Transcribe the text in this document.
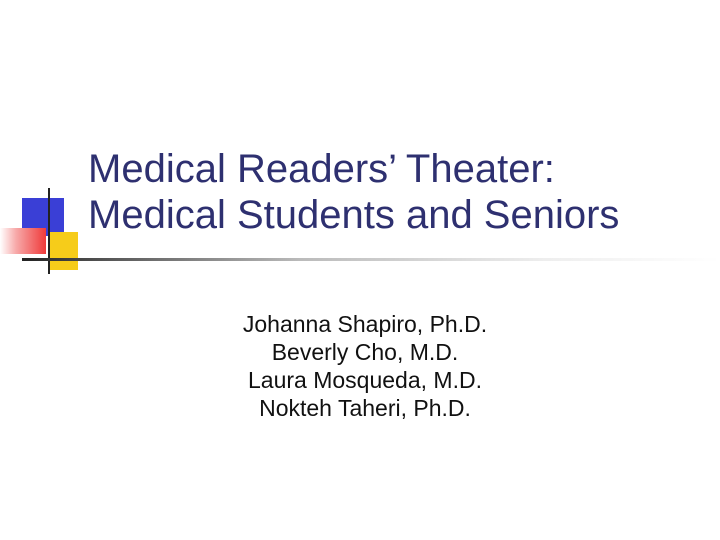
Medical Readers’ Theater:
Medical Students and Seniors
Johanna Shapiro, Ph.D.
Beverly Cho, M.D.
Laura Mosqueda, M.D.
Nokteh Taheri, Ph.D.
